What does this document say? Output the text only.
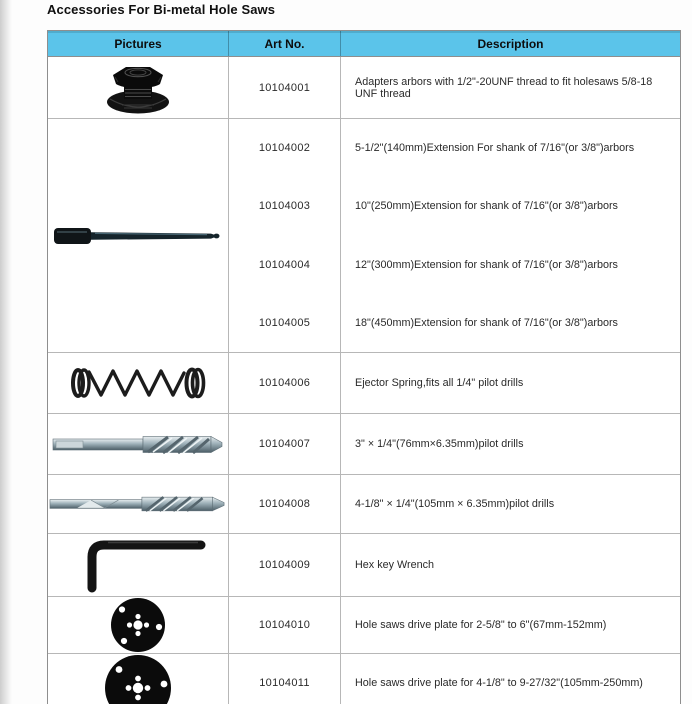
Accessories For Bi-metal Hole Saws
Pictures	Art No.	Description
10104001	Adapters arbors with 1/2"-20UNF thread to fit holesaws 5/8-18 UNF thread
10104002	5-1/2"(140mm)Extension For shank of 7/16"(or 3/8")arbors
10104003	10"(250mm)Extension for shank of 7/16"(or 3/8")arbors
10104004	12"(300mm)Extension for shank of 7/16"(or 3/8")arbors
10104005	18"(450mm)Extension for shank of 7/16"(or 3/8")arbors
10104006	Ejector Spring,fits all 1/4" pilot drills
10104007	3" × 1/4"(76mm×6.35mm)pilot drills
10104008	4-1/8" × 1/4"(105mm × 6.35mm)pilot drills
10104009	Hex key Wrench
10104010	Hole saws drive plate for 2-5/8" to 6"(67mm-152mm)
10104011	Hole saws drive plate for 4-1/8" to 9-27/32"(105mm-250mm)
